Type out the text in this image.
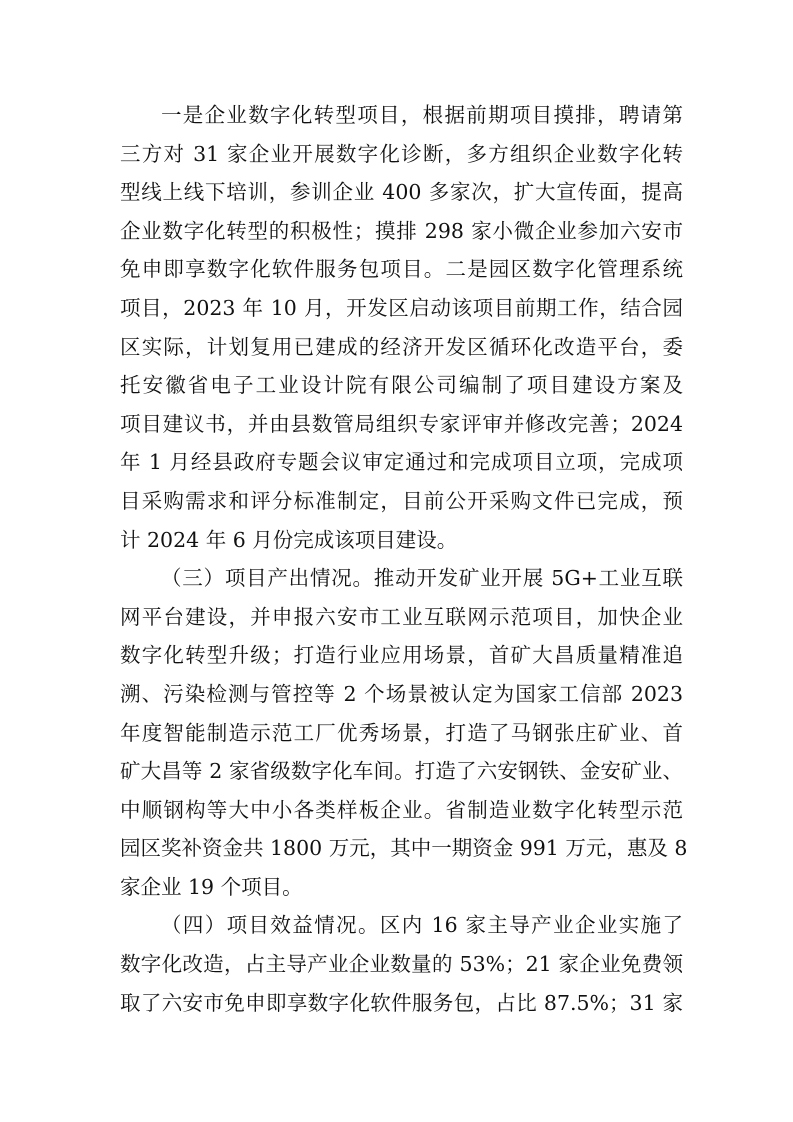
一是企业数字化转型项目，根据前期项目摸排，聘请第
三方对 31 家企业开展数字化诊断，多方组织企业数字化转
型线上线下培训，参训企业 400 多家次，扩大宣传面，提高
企业数字化转型的积极性；摸排 298 家小微企业参加六安市
免申即享数字化软件服务包项目。二是园区数字化管理系统
项目，2023 年 10 月，开发区启动该项目前期工作，结合园
区实际，计划复用已建成的经济开发区循环化改造平台，委
托安徽省电子工业设计院有限公司编制了项目建设方案及
项目建议书，并由县数管局组织专家评审并修改完善；2024
年 1 月经县政府专题会议审定通过和完成项目立项，完成项
目采购需求和评分标准制定，目前公开采购文件已完成，预
计 2024 年 6 月份完成该项目建设。
（三）项目产出情况。推动开发矿业开展 5G+工业互联
网平台建设，并申报六安市工业互联网示范项目，加快企业
数字化转型升级；打造行业应用场景，首矿大昌质量精准追
溯、污染检测与管控等 2 个场景被认定为国家工信部 2023
年度智能制造示范工厂优秀场景，打造了马钢张庄矿业、首
矿大昌等 2 家省级数字化车间。打造了六安钢铁、金安矿业、
中顺钢构等大中小各类样板企业。省制造业数字化转型示范
园区奖补资金共 1800 万元，其中一期资金 991 万元，惠及 8
家企业 19 个项目。
（四）项目效益情况。区内 16 家主导产业企业实施了
数字化改造，占主导产业企业数量的 53%；21 家企业免费领
取了六安市免申即享数字化软件服务包，占比 87.5%；31 家
